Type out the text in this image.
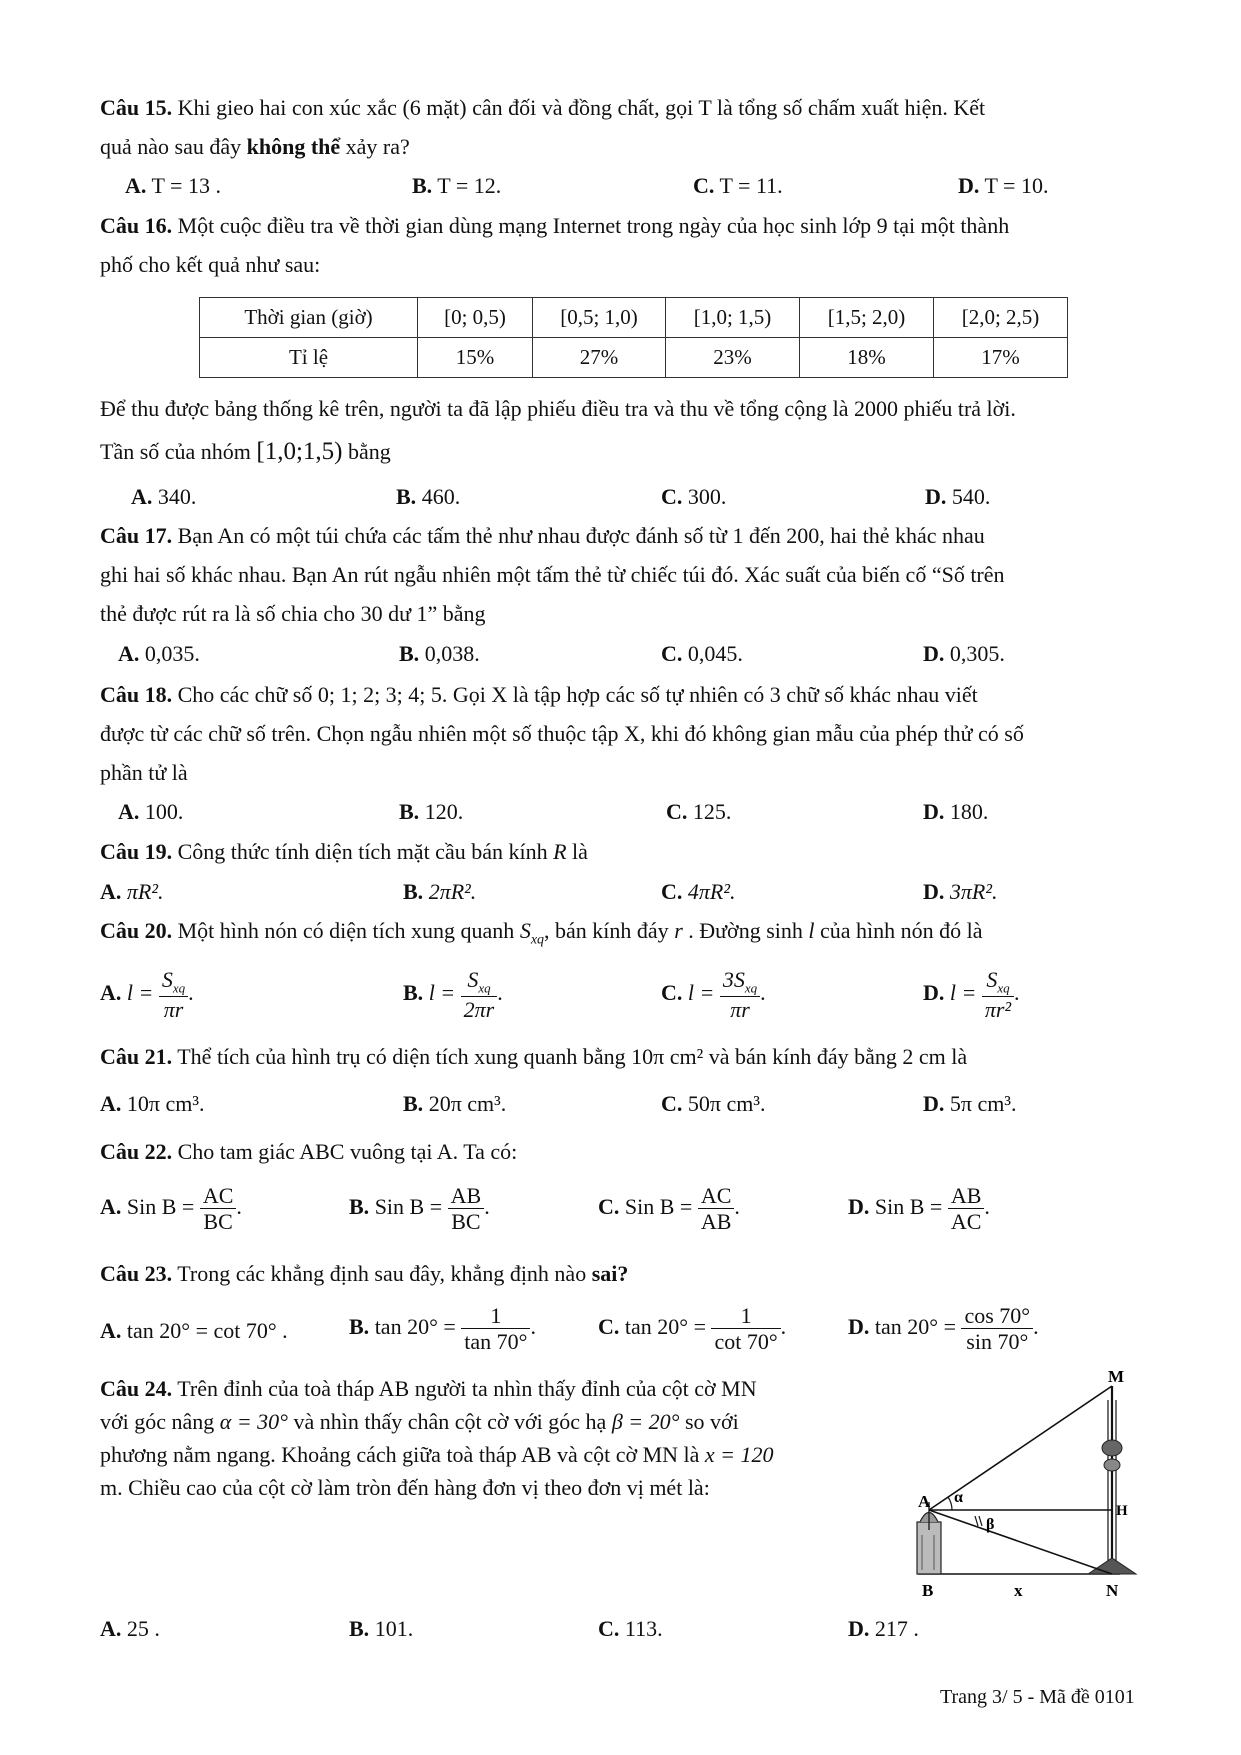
Câu 15. Khi gieo hai con xúc xắc (6 mặt) cân đối và đồng chất, gọi T là tổng số chấm xuất hiện. Kết
quả nào sau đây không thể xảy ra?
A. T = 13 .	B. T = 12.	C. T = 11.	D. T = 10.
Câu 16. Một cuộc điều tra về thời gian dùng mạng Internet trong ngày của học sinh lớp 9 tại một thành
phố cho kết quả như sau:
Thời gian (giờ)	[0; 0,5)	[0,5; 1,0)	[1,0; 1,5)	[1,5; 2,0)	[2,0; 2,5)
Tỉ lệ	15%	27%	23%	18%	17%
Để thu được bảng thống kê trên, người ta đã lập phiếu điều tra và thu về tổng cộng là 2000 phiếu trả lời.
Tần số của nhóm [1,0;1,5) bằng
A. 340.	B. 460.	C. 300.	D. 540.
Câu 17. Bạn An có một túi chứa các tấm thẻ như nhau được đánh số từ 1 đến 200, hai thẻ khác nhau
ghi hai số khác nhau. Bạn An rút ngẫu nhiên một tấm thẻ từ chiếc túi đó. Xác suất của biến cố “Số trên
thẻ được rút ra là số chia cho 30 dư 1” bằng
A. 0,035.	B. 0,038.	C. 0,045.	D. 0,305.
Câu 18. Cho các chữ số 0; 1; 2; 3; 4; 5. Gọi X là tập hợp các số tự nhiên có 3 chữ số khác nhau viết
được từ các chữ số trên. Chọn ngẫu nhiên một số thuộc tập X, khi đó không gian mẫu của phép thử có số
phần tử là
A. 100.	B. 120.	C. 125.	D. 180.
Câu 19. Công thức tính diện tích mặt cầu bán kính R là
A. πR².	B. 2πR².	C. 4πR².	D. 3πR².
Câu 20. Một hình nón có diện tích xung quanh $S_{xq}$, bán kính đáy r . Đường sinh l của hình nón đó là
A. $l = \frac{S_{xq}}{\pi r}$ .	B. $l = \frac{S_{xq}}{2\pi r}$ .	C. $l = \frac{3S_{xq}}{\pi r}$ .	D. $l = \frac{S_{xq}}{\text{πr²}}$ .
Câu 21. Thể tích của hình trụ có diện tích xung quanh bằng 10π cm² và bán kính đáy bằng 2 cm là
A. 10π cm³.	B. 20π cm³.	C. 50π cm³.	D. 5π cm³.
Câu 22. Cho tam giác ABC vuông tại A. Ta có:
A. Sin $B = \frac{AC}{BC}$ .	B. Sin $B = \frac{AB}{BC}$ .	C. Sin $B = \frac{AC}{AB}$ .	D. Sin $B = \frac{AB}{AC}$ .
Câu 23. Trong các khẳng định sau đây, khẳng định nào sai?
A. tan 20° = cot 70° .	B. $\tan 20^\circ = \frac{1}{\tan 70^\circ}$ .	C. $\tan 20^\circ = \frac{1}{\cot 70^\circ}$ .	D. $\tan 20^\circ = \frac{\cos 70^\circ}{\sin 70^\circ}$ .
Câu 24. Trên đỉnh của toà tháp AB người ta nhìn thấy đỉnh của cột cờ MN
với góc nâng α = 30° và nhìn thấy chân cột cờ với góc hạ β = 20° so với
phương nằm ngang. Khoảng cách giữa toà tháp AB và cột cờ MN là x = 120
m. Chiều cao của cột cờ làm tròn đến hàng đơn vị theo đơn vị mét là:
M
A α
β
H
B	x	N
A. 25 .	B. 101.	C. 113.	D. 217 .
Trang 3/ 5 - Mã đề 0101
